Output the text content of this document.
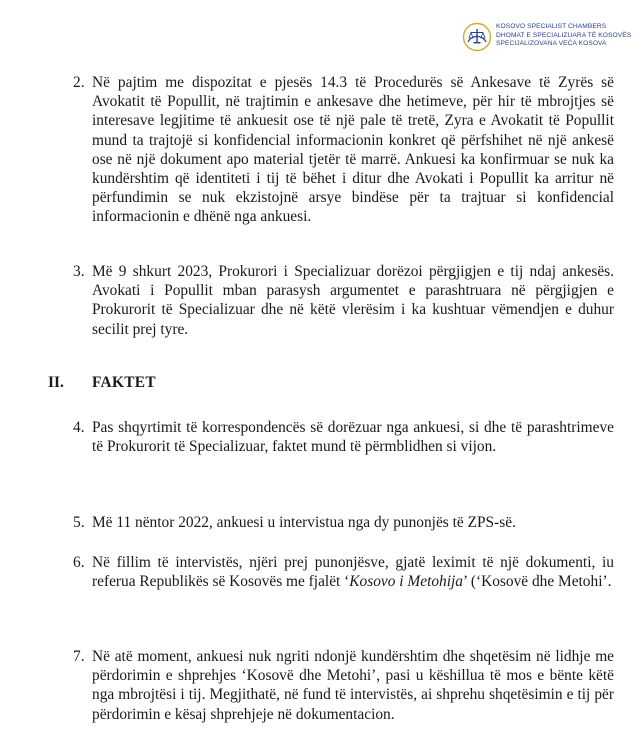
KOSOVO SPECIALIST CHAMBERS
DHOMAT E SPECIALIZUARA TË KOSOVËS
SPECIJALIZOVANA VEĆA KOSOVA
2. Në pajtim me dispozitat e pjesës 14.3 të Procedurës së Ankesave të Zyrës së Avokatit të Popullit, në trajtimin e ankesave dhe hetimeve, për hir të mbrojtjes së interesave legjitime të ankuesit ose të një pale të tretë, Zyra e Avokatit të Popullit mund ta trajtojë si konfidencial informacionin konkret që përfshihet në një ankesë ose në një dokument apo material tjetër të marrë. Ankuesi ka konfirmuar se nuk ka kundërshtim që identiteti i tij të bëhet i ditur dhe Avokati i Popullit ka arritur në përfundimin se nuk ekzistojnë arsye bindëse për ta trajtuar si konfidencial informacionin e dhënë nga ankuesi.
3. Më 9 shkurt 2023, Prokurori i Specializuar dorëzoi përgjigjen e tij ndaj ankesës. Avokati i Popullit mban parasysh argumentet e parashtruara në përgjigjen e Prokurorit të Specializuar dhe në këtë vlerësim i ka kushtuar vëmendjen e duhur secilit prej tyre.
II. FAKTET
4. Pas shqyrtimit të korrespondencës së dorëzuar nga ankuesi, si dhe të parashtrimeve të Prokurorit të Specializuar, faktet mund të përmblidhen si vijon.
5. Më 11 nëntor 2022, ankuesi u intervistua nga dy punonjës të ZPS-së.
6. Në fillim të intervistës, njëri prej punonjësve, gjatë leximit të një dokumenti, iu referua Republikës së Kosovës me fjalët ‘Kosovo i Metohija’ (‘Kosovë dhe Metohi’.
7. Në atë moment, ankuesi nuk ngriti ndonjë kundërshtim dhe shqetësim në lidhje me përdorimin e shprehjes ‘Kosovë dhe Metohi’, pasi u këshillua të mos e bënte këtë nga mbrojtësi i tij. Megjithatë, në fund të intervistës, ai shprehu shqetësimin e tij për përdorimin e kësaj shprehjeje në dokumentacion.
